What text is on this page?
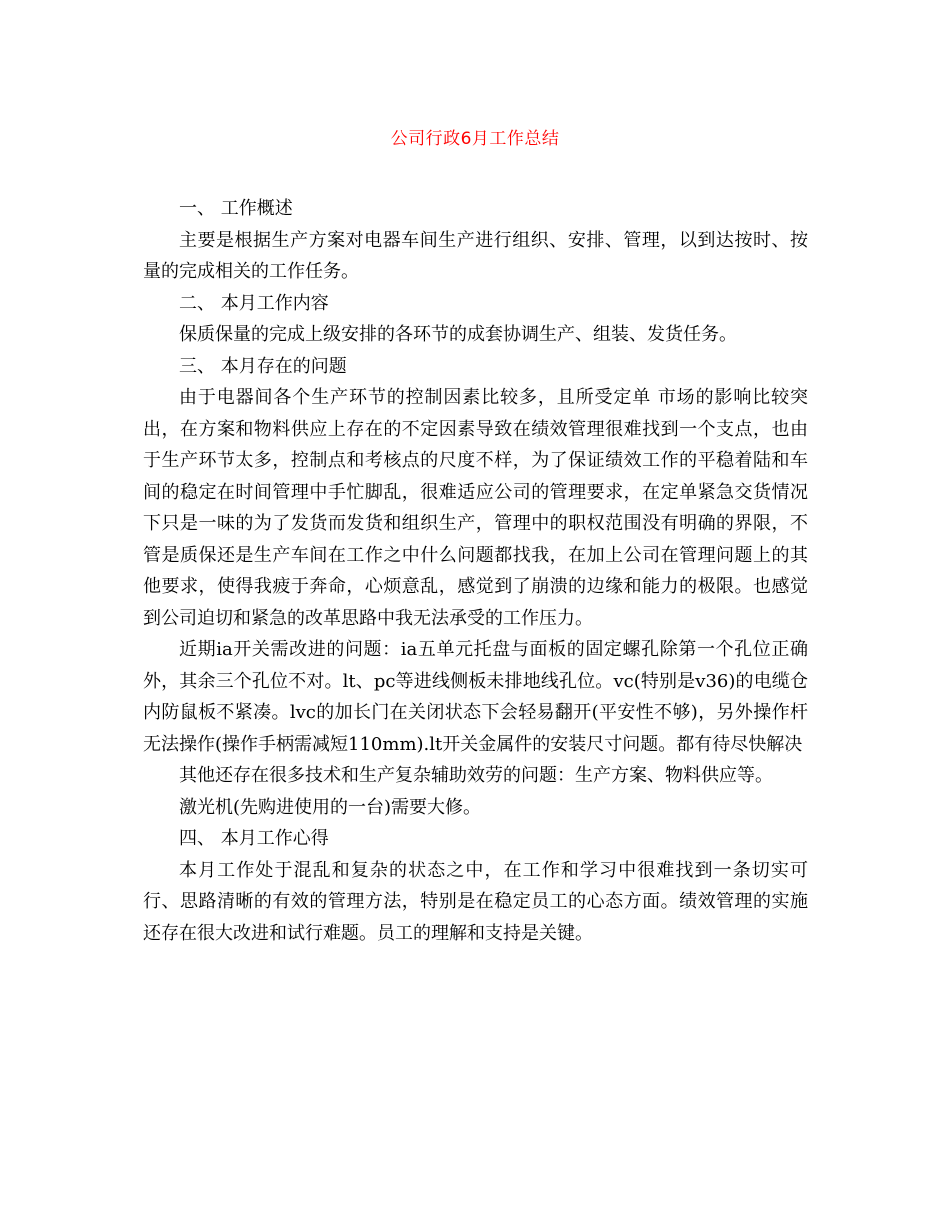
公司行政6月工作总结

一、 工作概述

主要是根据生产方案对电器车间生产进行组织、安排、管理，以到达按时、按量的完成相关的工作任务。

二、 本月工作内容

保质保量的完成上级安排的各环节的成套协调生产、组装、发货任务。

三、 本月存在的问题

由于电器间各个生产环节的控制因素比较多，且所受定单 市场的影响比较突出，在方案和物料供应上存在的不定因素导致在绩效管理很难找到一个支点，也由于生产环节太多，控制点和考核点的尺度不样，为了保证绩效工作的平稳着陆和车间的稳定在时间管理中手忙脚乱，很难适应公司的管理要求，在定单紧急交货情况下只是一味的为了发货而发货和组织生产，管理中的职权范围没有明确的界限，不管是质保还是生产车间在工作之中什么问题都找我，在加上公司在管理问题上的其他要求，使得我疲于奔命，心烦意乱，感觉到了崩溃的边缘和能力的极限。也感觉到公司迫切和紧急的改革思路中我无法承受的工作压力。

近期ia开关需改进的问题：ia五单元托盘与面板的固定螺孔除第一个孔位正确外，其余三个孔位不对。lt、pc等进线侧板未排地线孔位。vc(特别是v36)的电缆仓内防鼠板不紧凑。lvc的加长门在关闭状态下会轻易翻开(平安性不够)，另外操作杆无法操作(操作手柄需减短110mm).lt开关金属件的安装尺寸问题。都有待尽快解决

其他还存在很多技术和生产复杂辅助效劳的问题：生产方案、物料供应等。

激光机(先购进使用的一台)需要大修。

四、 本月工作心得

本月工作处于混乱和复杂的状态之中，在工作和学习中很难找到一条切实可行、思路清晰的有效的管理方法，特别是在稳定员工的心态方面。绩效管理的实施还存在很大改进和试行难题。员工的理解和支持是关键。
